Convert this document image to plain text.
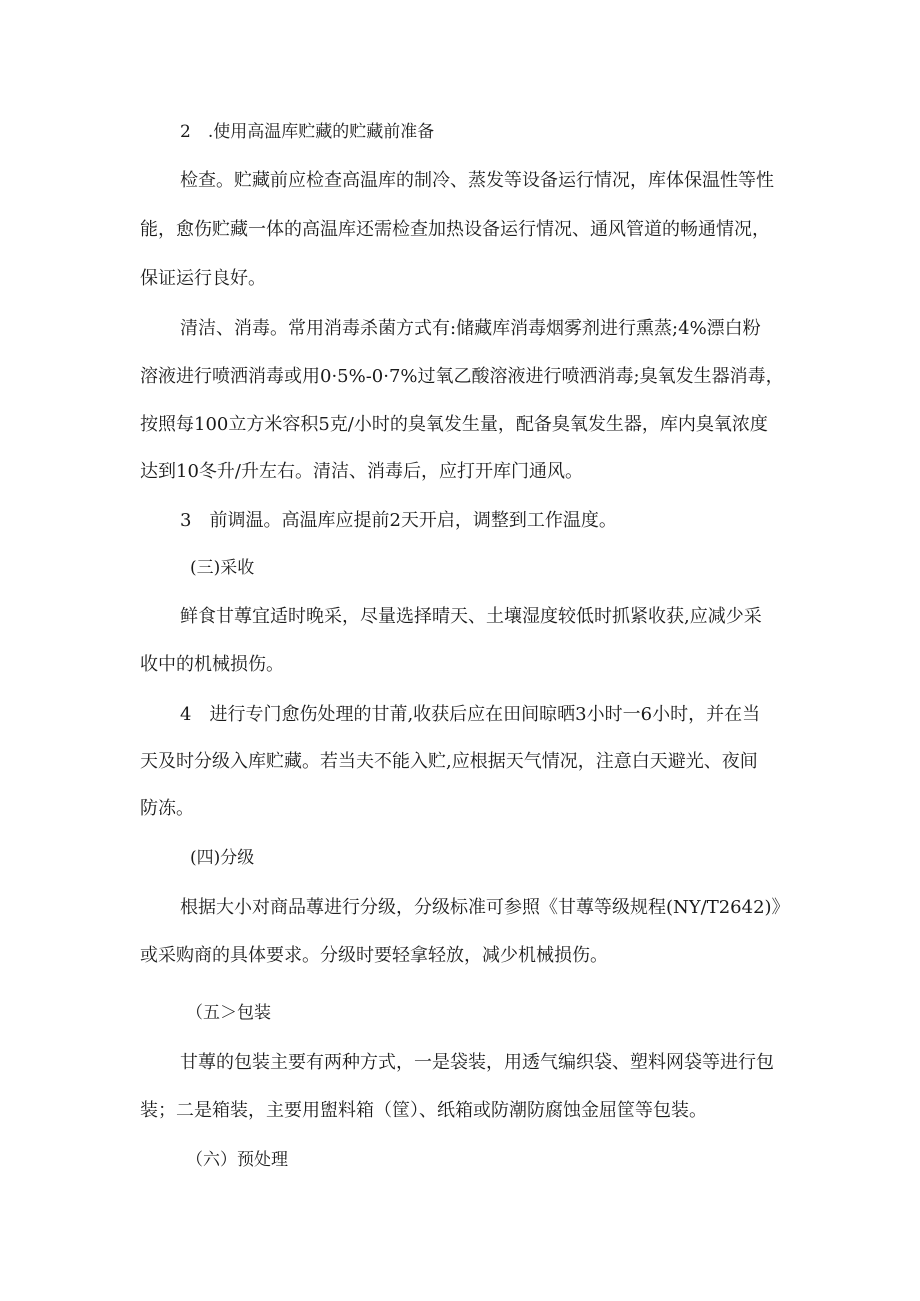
2　.使用高温库贮藏的贮藏前准备
检查。贮藏前应检查高温库的制冷、蒸发等设备运行情况，库体保温性等性
能，愈伤贮藏一体的高温库还需检查加热设备运行情况、通风管道的畅通情况，
保证运行良好。
清洁、消毒。常用消毒杀菌方式有:储藏库消毒烟雾剂进行熏蒸;4%漂白粉
溶液进行喷洒消毒或用0·5%-0·7%过氧乙酸溶液进行喷洒消毒;臭氧发生器消毒，
按照每100立方米容积5克/小时的臭氧发生量，配备臭氧发生器，库内臭氧浓度
达到10冬升/升左右。清洁、消毒后，应打开库门通风。
3　前调温。高温库应提前2天开启，调整到工作温度。
(三)采收
鲜食甘蓴宜适时晚采，尽量选择晴天、土壤湿度较低时抓紧收获,应减少采
收中的机械损伤。
4　进行专门愈伤处理的甘莆,收获后应在田间晾晒3小时一6小时，并在当
天及时分级入库贮藏。若当夫不能入贮,应根据天气情况，注意白天避光、夜间
防冻。
(四)分级
根据大小对商品蓴进行分级，分级标准可参照《甘蓴等级规程(NY/T2642)》
或采购商的具体要求。分级时要轻拿轻放，减少机械损伤。
（五＞包装
甘蓴的包装主要有两种方式，一是袋装，用透气编织袋、塑料网袋等进行包
装；二是箱装，主要用盥料箱（筐）、纸箱或防潮防腐蚀金屈筐等包装。
（六）预处理
